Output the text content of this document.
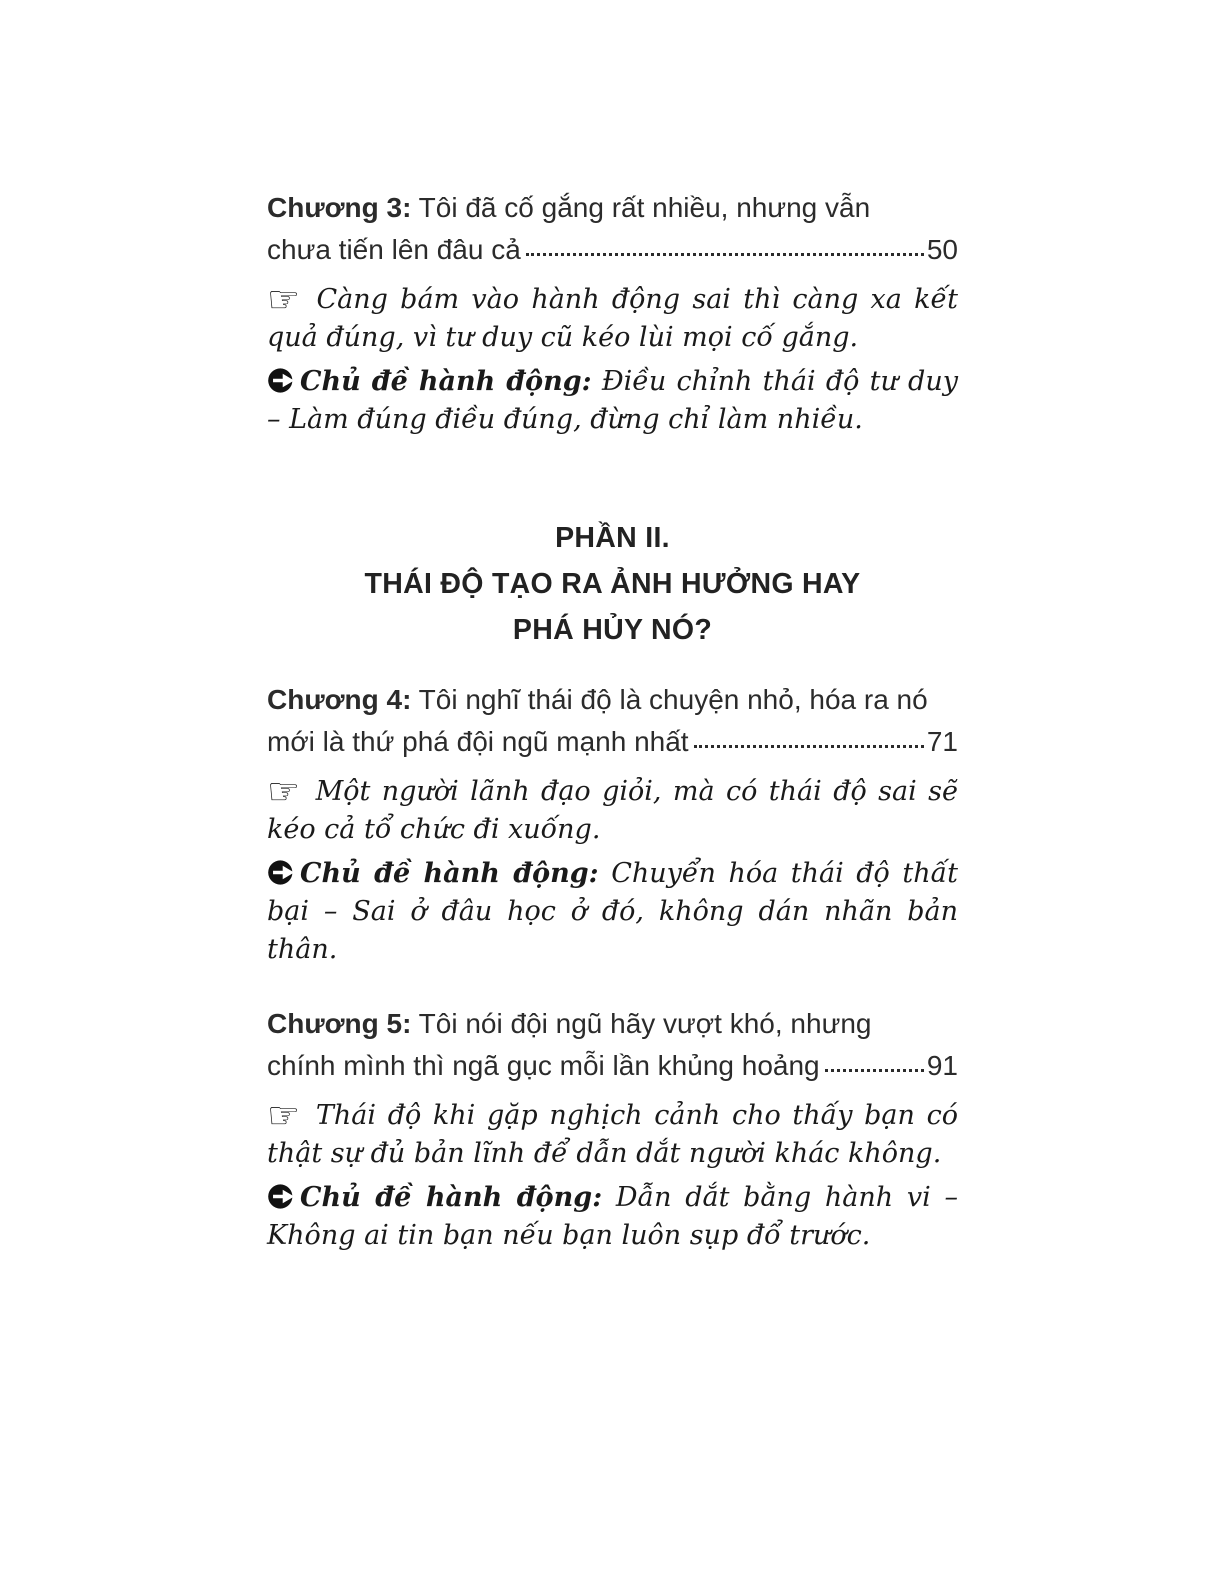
Chương 3: Tôi đã cố gắng rất nhiều, nhưng vẫn
chưa tiến lên đâu cả	50

☞ Càng bám vào hành động sai thì càng xa kết quả đúng, vì tư duy cũ kéo lùi mọi cố gắng.

Chủ đề hành động: Điều chỉnh thái độ tư duy – Làm đúng điều đúng, đừng chỉ làm nhiều.

PHẦN II.
THÁI ĐỘ TẠO RA ẢNH HƯỞNG HAY
PHÁ HỦY NÓ?
Chương 4: Tôi nghĩ thái độ là chuyện nhỏ, hóa ra nó
mới là thứ phá đội ngũ mạnh nhất	71

☞ Một người lãnh đạo giỏi, mà có thái độ sai sẽ kéo cả tổ chức đi xuống.

Chủ đề hành động: Chuyển hóa thái độ thất bại – Sai ở đâu học ở đó, không dán nhãn bản thân.

Chương 5: Tôi nói đội ngũ hãy vượt khó, nhưng
chính mình thì ngã gục mỗi lần khủng hoảng	91

☞ Thái độ khi gặp nghịch cảnh cho thấy bạn có thật sự đủ bản lĩnh để dẫn dắt người khác không.

Chủ đề hành động: Dẫn dắt bằng hành vi – Không ai tin bạn nếu bạn luôn sụp đổ trước.
